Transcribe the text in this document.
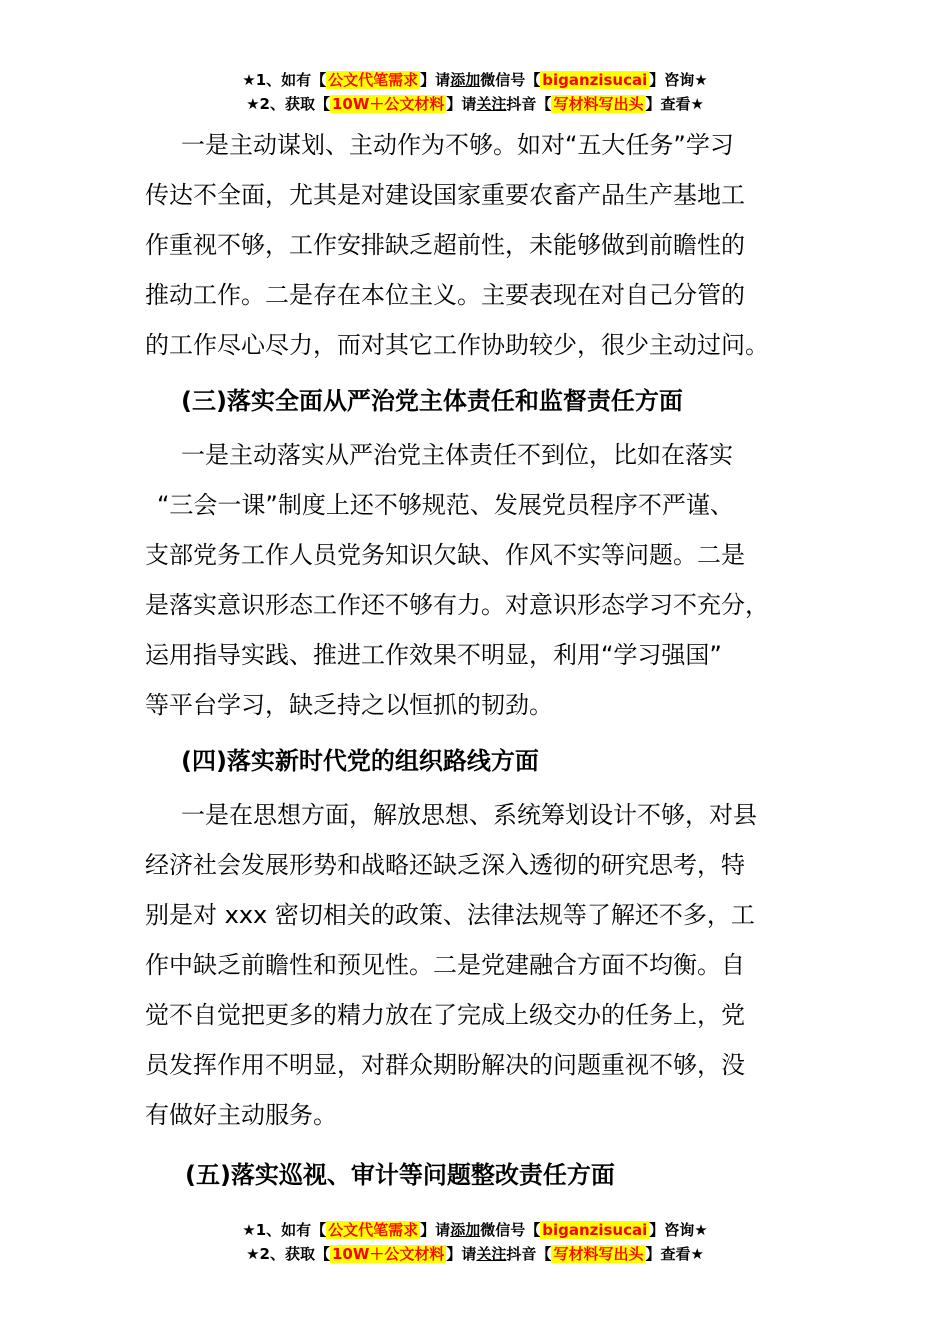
★1、如有【 公文代笔需求 】请添加微信号【 biganzisucai 】咨询★
★2、获取【 10W＋公文材料 】请关注抖音【 写材料写出头 】查看★
一是主动谋划、主动作为不够。如对“五大任务”学习
传达不全面，尤其是对建设国家重要农畜产品生产基地工
作重视不够，工作安排缺乏超前性，未能够做到前瞻性的
推动工作。二是存在本位主义。主要表现在对自己分管的
的工作尽心尽力，而对其它工作协助较少，很少主动过问。
(三)落实全面从严治党主体责任和监督责任方面
一是主动落实从严治党主体责任不到位，比如在落实
“三会一课”制度上还不够规范、发展党员程序不严谨、
支部党务工作人员党务知识欠缺、作风不实等问题。二是
是落实意识形态工作还不够有力。对意识形态学习不充分，
运用指导实践、推进工作效果不明显，利用“学习强国”
等平台学习，缺乏持之以恒抓的韧劲。
(四)落实新时代党的组织路线方面
一是在思想方面，解放思想、系统筹划设计不够，对县
经济社会发展形势和战略还缺乏深入透彻的研究思考，特
别是对 xxx 密切相关的政策、法律法规等了解还不多，工
作中缺乏前瞻性和预见性。二是党建融合方面不均衡。自
觉不自觉把更多的精力放在了完成上级交办的任务上，党
员发挥作用不明显，对群众期盼解决的问题重视不够，没
有做好主动服务。
(五)落实巡视、审计等问题整改责任方面
★1、如有【 公文代笔需求 】请添加微信号【 biganzisucai 】咨询★
★2、获取【 10W＋公文材料 】请关注抖音【 写材料写出头 】查看★
